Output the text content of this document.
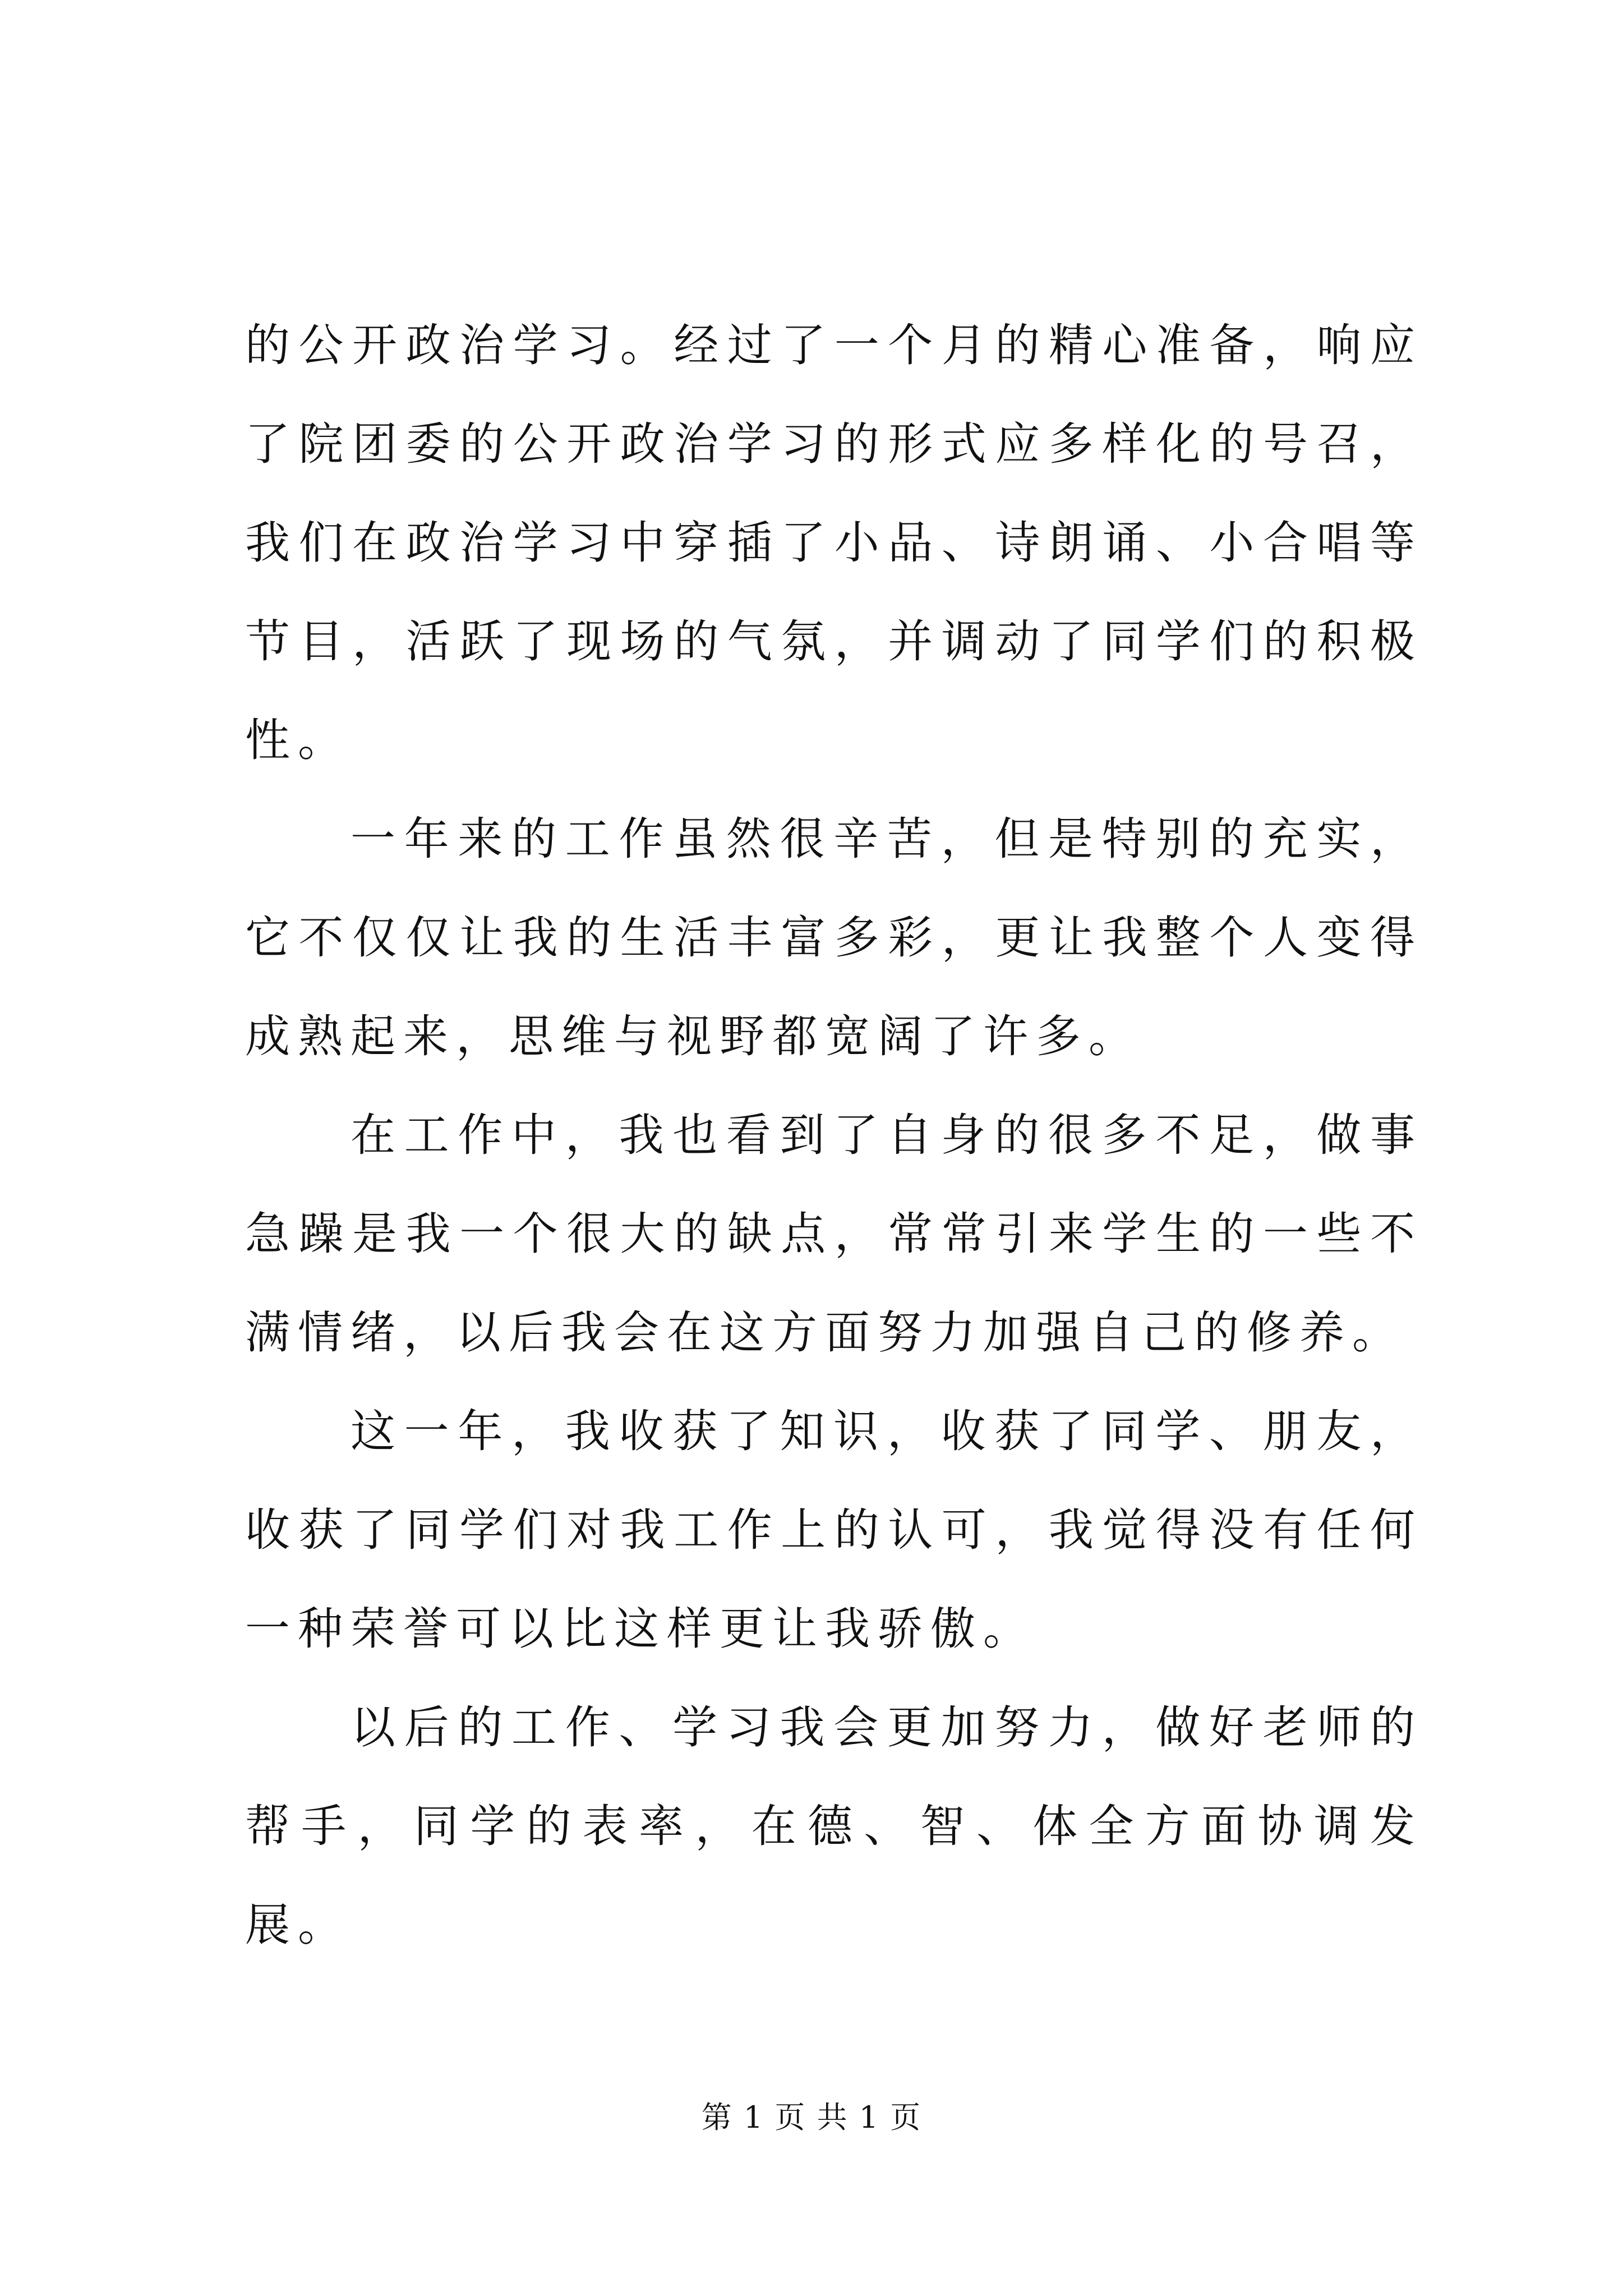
的公开政治学习。经过了一个月的精心准备，响应了院团委的公开政治学习的形式应多样化的号召，我们在政治学习中穿插了小品、诗朗诵、小合唱等节目，活跃了现场的气氛，并调动了同学们的积极性。

一年来的工作虽然很辛苦，但是特别的充实，它不仅仅让我的生活丰富多彩，更让我整个人变得成熟起来，思维与视野都宽阔了许多。

在工作中，我也看到了自身的很多不足，做事急躁是我一个很大的缺点，常常引来学生的一些不满情绪，以后我会在这方面努力加强自己的修养。

这一年，我收获了知识，收获了同学、朋友，收获了同学们对我工作上的认可，我觉得没有任何一种荣誉可以比这样更让我骄傲。

以后的工作、学习我会更加努力，做好老师的帮手，同学的表率，在德、智、体全方面协调发展。

第 1 页 共 1 页
